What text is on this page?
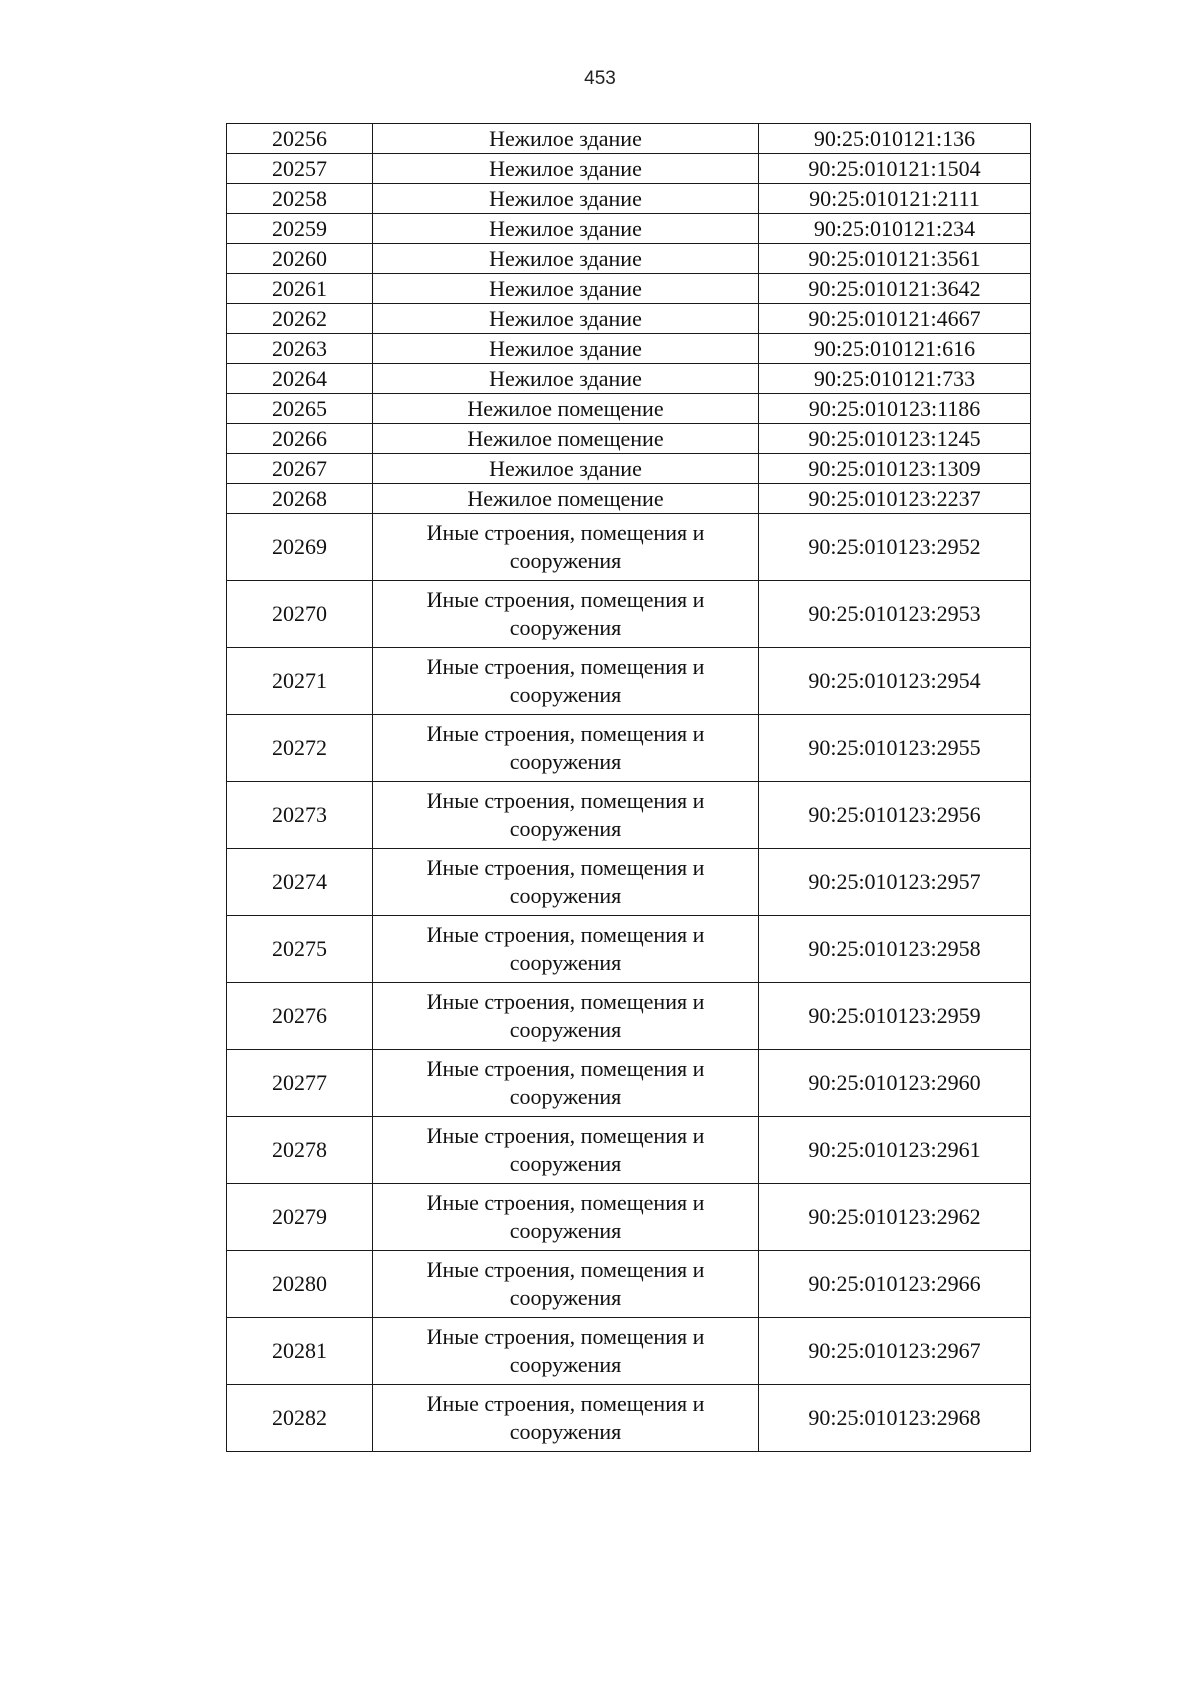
453
20256	Нежилое здание	90:25:010121:136
20257	Нежилое здание	90:25:010121:1504
20258	Нежилое здание	90:25:010121:2111
20259	Нежилое здание	90:25:010121:234
20260	Нежилое здание	90:25:010121:3561
20261	Нежилое здание	90:25:010121:3642
20262	Нежилое здание	90:25:010121:4667
20263	Нежилое здание	90:25:010121:616
20264	Нежилое здание	90:25:010121:733
20265	Нежилое помещение	90:25:010123:1186
20266	Нежилое помещение	90:25:010123:1245
20267	Нежилое здание	90:25:010123:1309
20268	Нежилое помещение	90:25:010123:2237
20269	Иные строения, помещения и сооружения	90:25:010123:2952
20270	Иные строения, помещения и сооружения	90:25:010123:2953
20271	Иные строения, помещения и сооружения	90:25:010123:2954
20272	Иные строения, помещения и сооружения	90:25:010123:2955
20273	Иные строения, помещения и сооружения	90:25:010123:2956
20274	Иные строения, помещения и сооружения	90:25:010123:2957
20275	Иные строения, помещения и сооружения	90:25:010123:2958
20276	Иные строения, помещения и сооружения	90:25:010123:2959
20277	Иные строения, помещения и сооружения	90:25:010123:2960
20278	Иные строения, помещения и сооружения	90:25:010123:2961
20279	Иные строения, помещения и сооружения	90:25:010123:2962
20280	Иные строения, помещения и сооружения	90:25:010123:2966
20281	Иные строения, помещения и сооружения	90:25:010123:2967
20282	Иные строения, помещения и сооружения	90:25:010123:2968
